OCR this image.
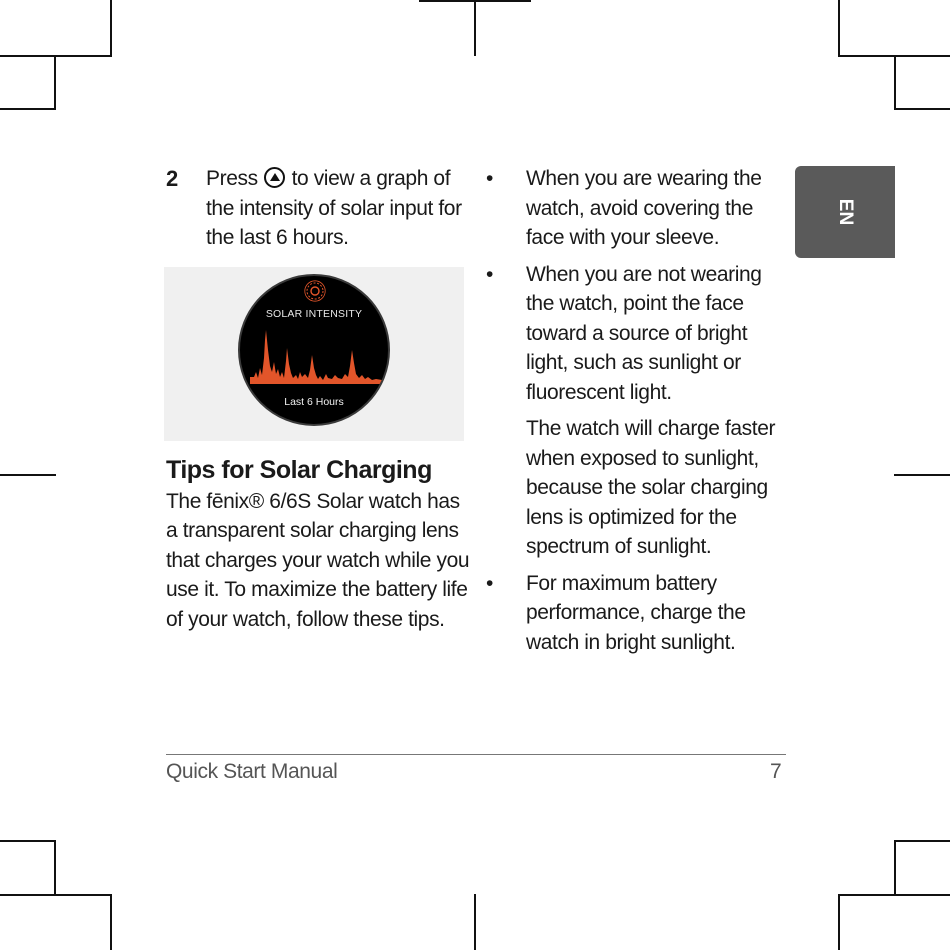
2 Press to view a graph of the intensity of solar input for the last 6 hours.
SOLAR INTENSITY
Last 6 Hours
Tips for Solar Charging

The fēnix® 6/6S Solar watch has a transparent solar charging lens that charges your watch while you use it. To maximize the battery life of your watch, follow these tips.

• When you are wearing the watch, avoid covering the face with your sleeve.
• When you are not wearing the watch, point the face toward a source of bright light, such as sunlight or fluorescent light.
The watch will charge faster when exposed to sunlight, because the solar charging lens is optimized for the spectrum of sunlight.
• For maximum battery performance, charge the watch in bright sunlight.
EN
Quick Start Manual	7
